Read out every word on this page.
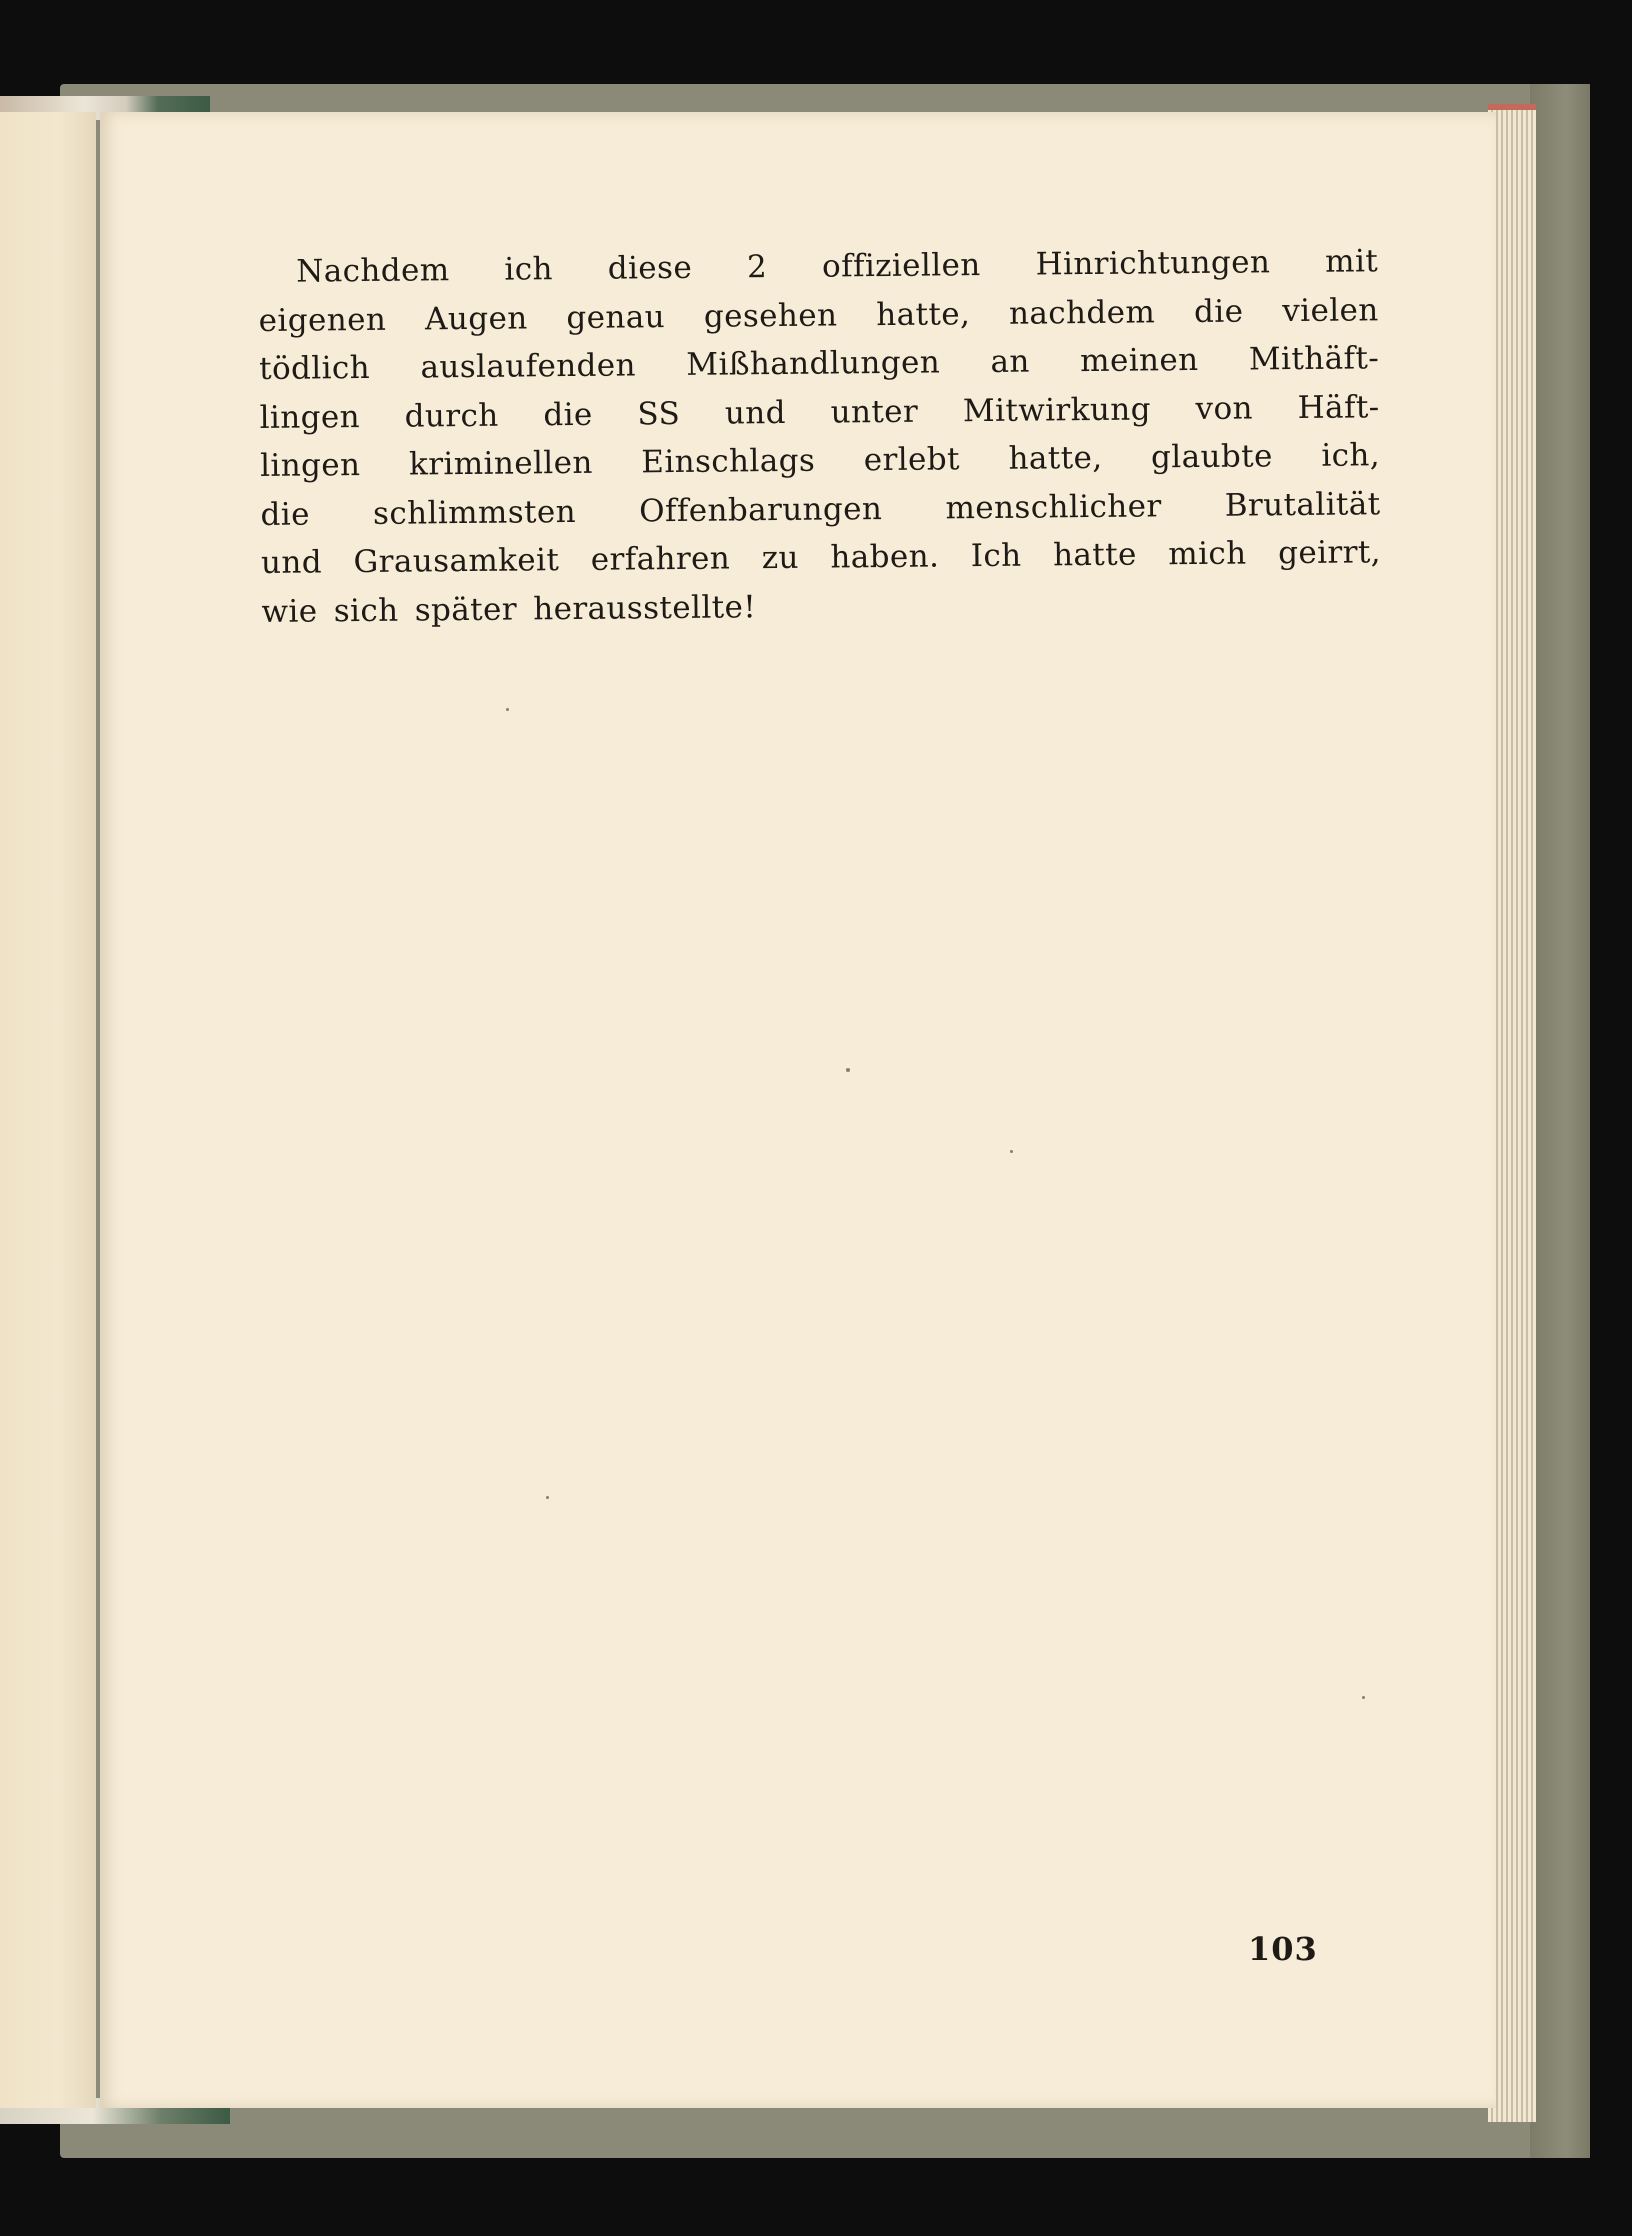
Nachdem ich diese 2 offiziellen Hinrichtungen mit
eigenen Augen genau gesehen hatte, nachdem die vielen
tödlich auslaufenden Mißhandlungen an meinen Mithäft-
lingen durch die SS und unter Mitwirkung von Häft-
lingen kriminellen Einschlags erlebt hatte, glaubte ich,
die schlimmsten Offenbarungen menschlicher Brutalität
und Grausamkeit erfahren zu haben. Ich hatte mich geirrt,
wie sich später herausstellte!
103
